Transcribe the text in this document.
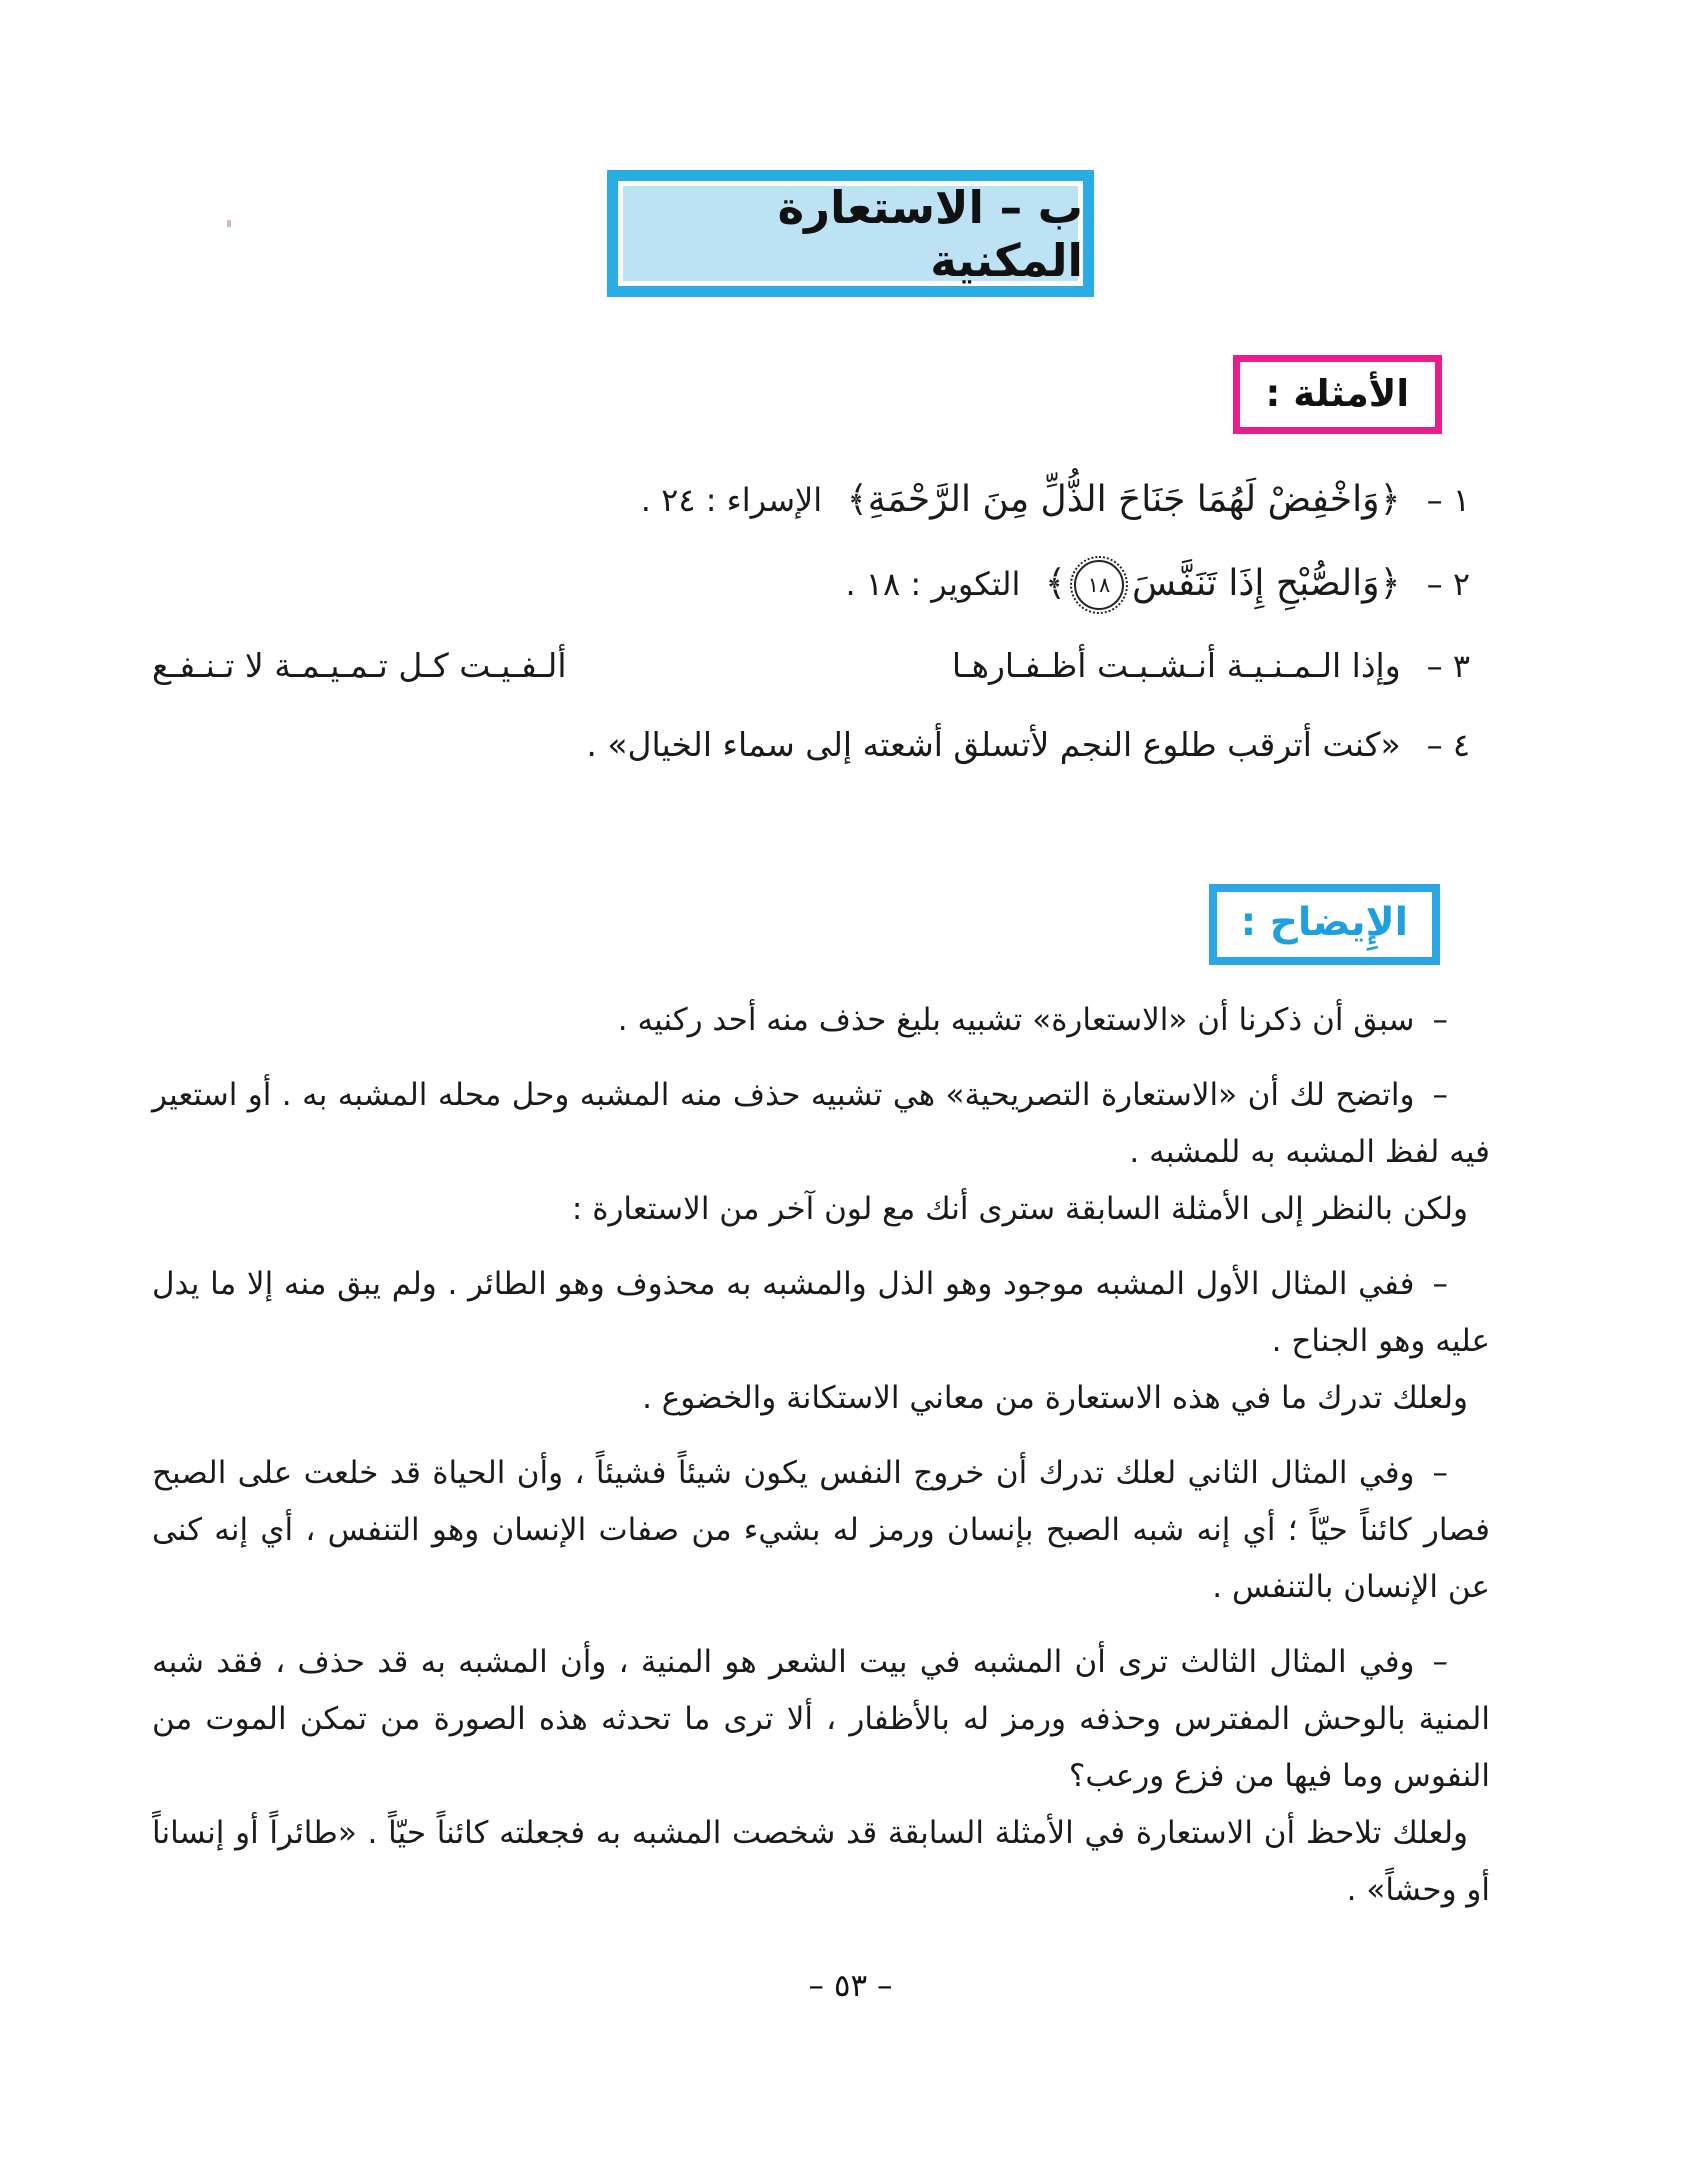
ب – الاستعارة المكنية
الأمثلة :
١ –﴿وَاخْفِضْ لَهُمَا جَنَاحَ الذُّلِّ مِنَ الرَّحْمَةِ﴾ الإسراء : ٢٤ .
٢ –﴿وَالصُّبْحِ إِذَا تَنَفَّسَ١٨﴾ التكوير : ١٨ .
٣ –وإذا الـمـنـيـة أنـشـبـت أظـفـارهـا
ألـفـيـت كـل تـمـيـمـة لا تـنـفـع
٤ –«كنت أترقب طلوع النجم لأتسلق أشعته إلى سماء الخيال» .
الإِيضاح :

–سبق أن ذكرنا أن «الاستعارة» تشبيه بليغ حذف منه أحد ركنيه .

–واتضح لك أن «الاستعارة التصريحية» هي تشبيه حذف منه المشبه وحل محله المشبه به . أو استعير فيه لفظ المشبه به للمشبه .

ولكن بالنظر إلى الأمثلة السابقة سترى أنك مع لون آخر من الاستعارة :

–ففي المثال الأول المشبه موجود وهو الذل والمشبه به محذوف وهو الطائر . ولم يبق منه إلا ما يدل عليه وهو الجناح .

ولعلك تدرك ما في هذه الاستعارة من معاني الاستكانة والخضوع .

–وفي المثال الثاني لعلك تدرك أن خروج النفس يكون شيئاً فشيئاً ، وأن الحياة قد خلعت على الصبح فصار كائناً حيّاً ؛ أي إنه شبه الصبح بإنسان ورمز له بشيء من صفات الإنسان وهو التنفس ، أي إنه كنى عن الإنسان بالتنفس .

–وفي المثال الثالث ترى أن المشبه في بيت الشعر هو المنية ، وأن المشبه به قد حذف ، فقد شبه المنية بالوحش المفترس وحذفه ورمز له بالأظفار ، ألا ترى ما تحدثه هذه الصورة من تمكن الموت من النفوس وما فيها من فزع ورعب؟

ولعلك تلاحظ أن الاستعارة في الأمثلة السابقة قد شخصت المشبه به فجعلته كائناً حيّاً . «طائراً أو إنساناً أو وحشاً» .

– ٥٣ –
